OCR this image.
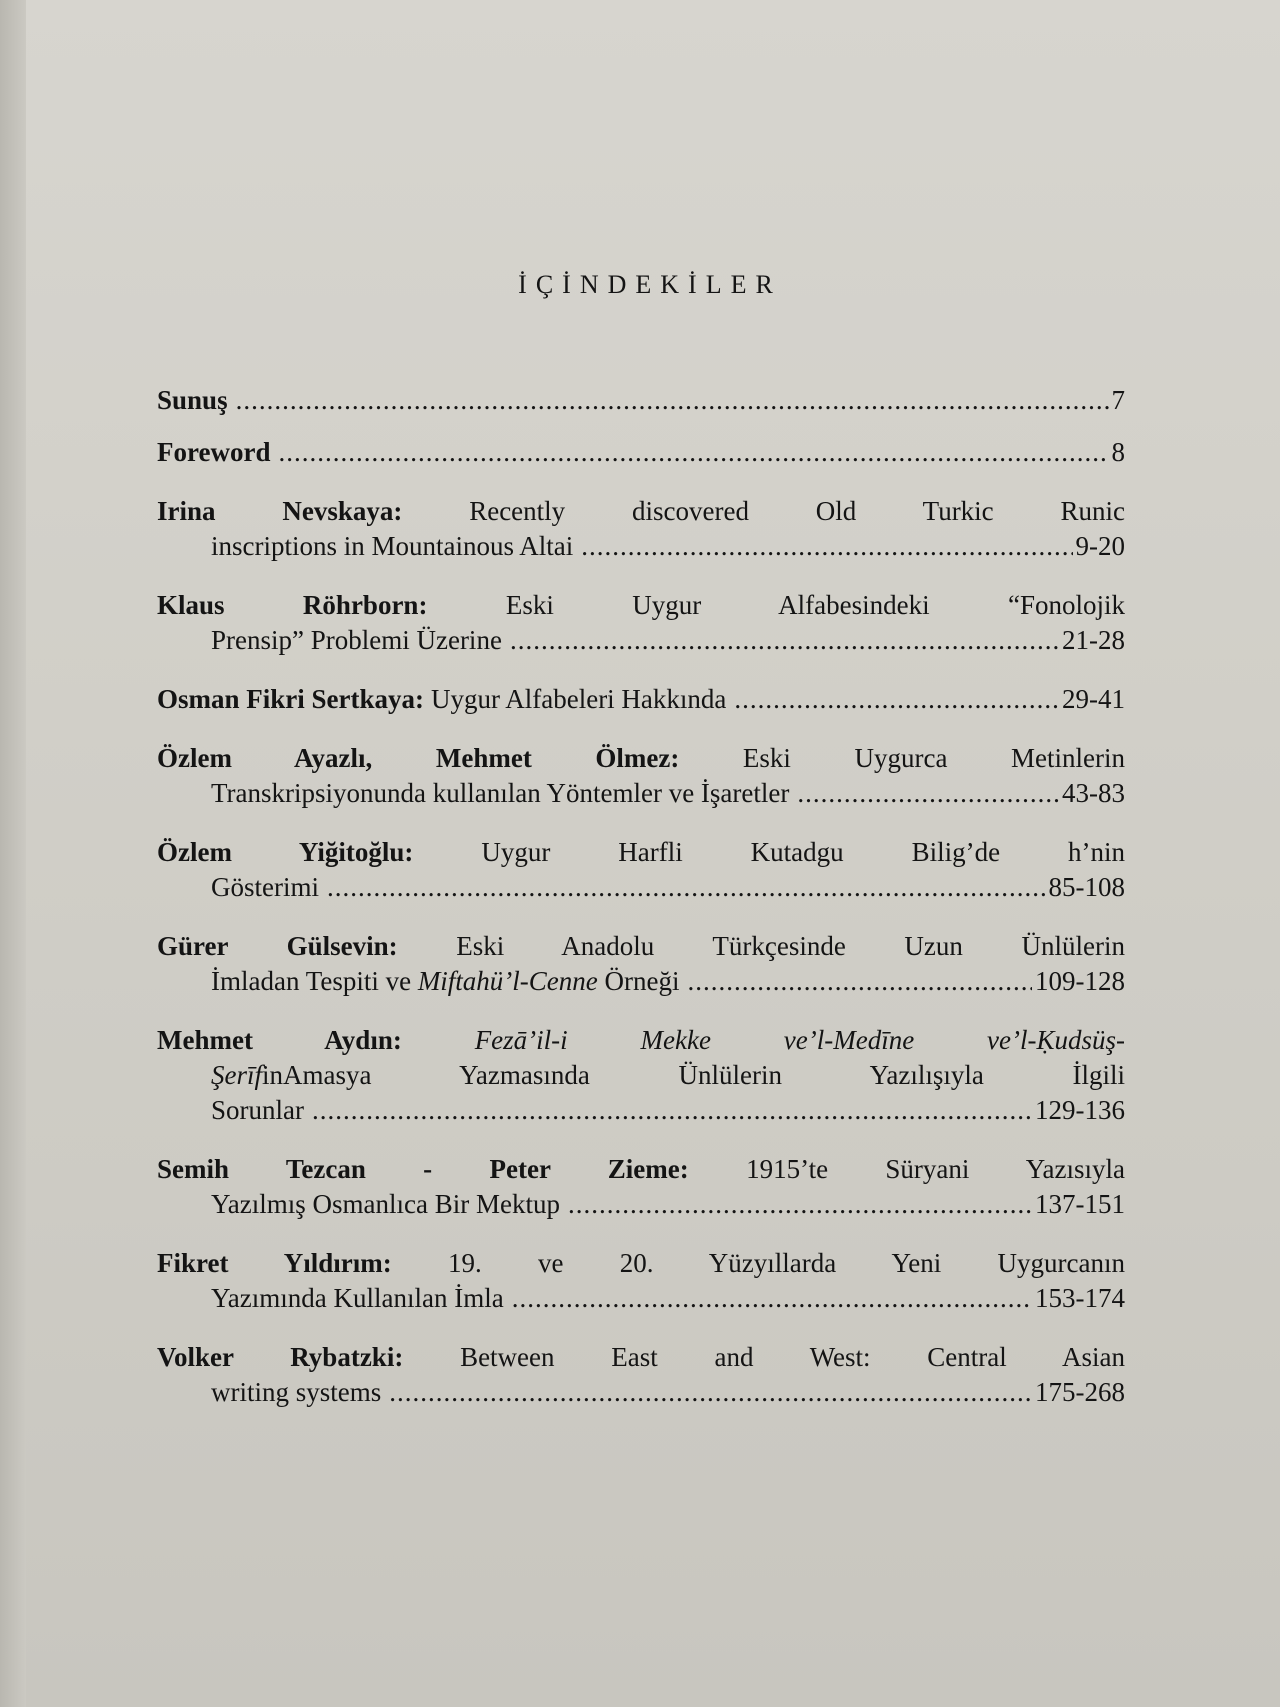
İÇİNDEKİLER
Sunuş .....	7
Foreword .....	8
Irina Nevskaya: Recently discovered Old Turkic Runic
inscriptions in Mountainous Altai .....	9-20
Klaus Röhrborn:	Eski Uygur Alfabesindeki “Fonolojik
Prensip” Problemi Üzerine .....	21-28
Osman Fikri Sertkaya: Uygur Alfabeleri Hakkında .....	29-41
Özlem Ayazlı, Mehmet Ölmez: Eski Uygurca Metinlerin
Transkripsiyonunda kullanılan Yöntemler ve İşaretler .....	43-83
Özlem Yiğitoğlu:	Uygur Harfli Kutadgu Bilig’de h’nin
Gösterimi .....	85-108
Gürer Gülsevin: Eski Anadolu Türkçesinde Uzun Ünlülerin
İmladan Tespiti ve Miftahü’l-Cenne Örneği .....	109-128
Mehmet Aydın:	Fezā’il-i Mekke ve’l-Medīne ve’l-Ḳudsüş-
ŞerīfinAmasya Yazmasında Ünlülerin Yazılışıyla İlgili
Sorunlar .....	129-136
Semih Tezcan - Peter Zieme: 1915’te Süryani Yazısıyla
Yazılmış Osmanlıca Bir Mektup .....	137-151
Fikret Yıldırım: 19. ve 20. Yüzyıllarda Yeni Uygurcanın
Yazımında Kullanılan İmla .....	153-174
Volker Rybatzki: Between East and West: Central Asian
writing systems .....	175-268
